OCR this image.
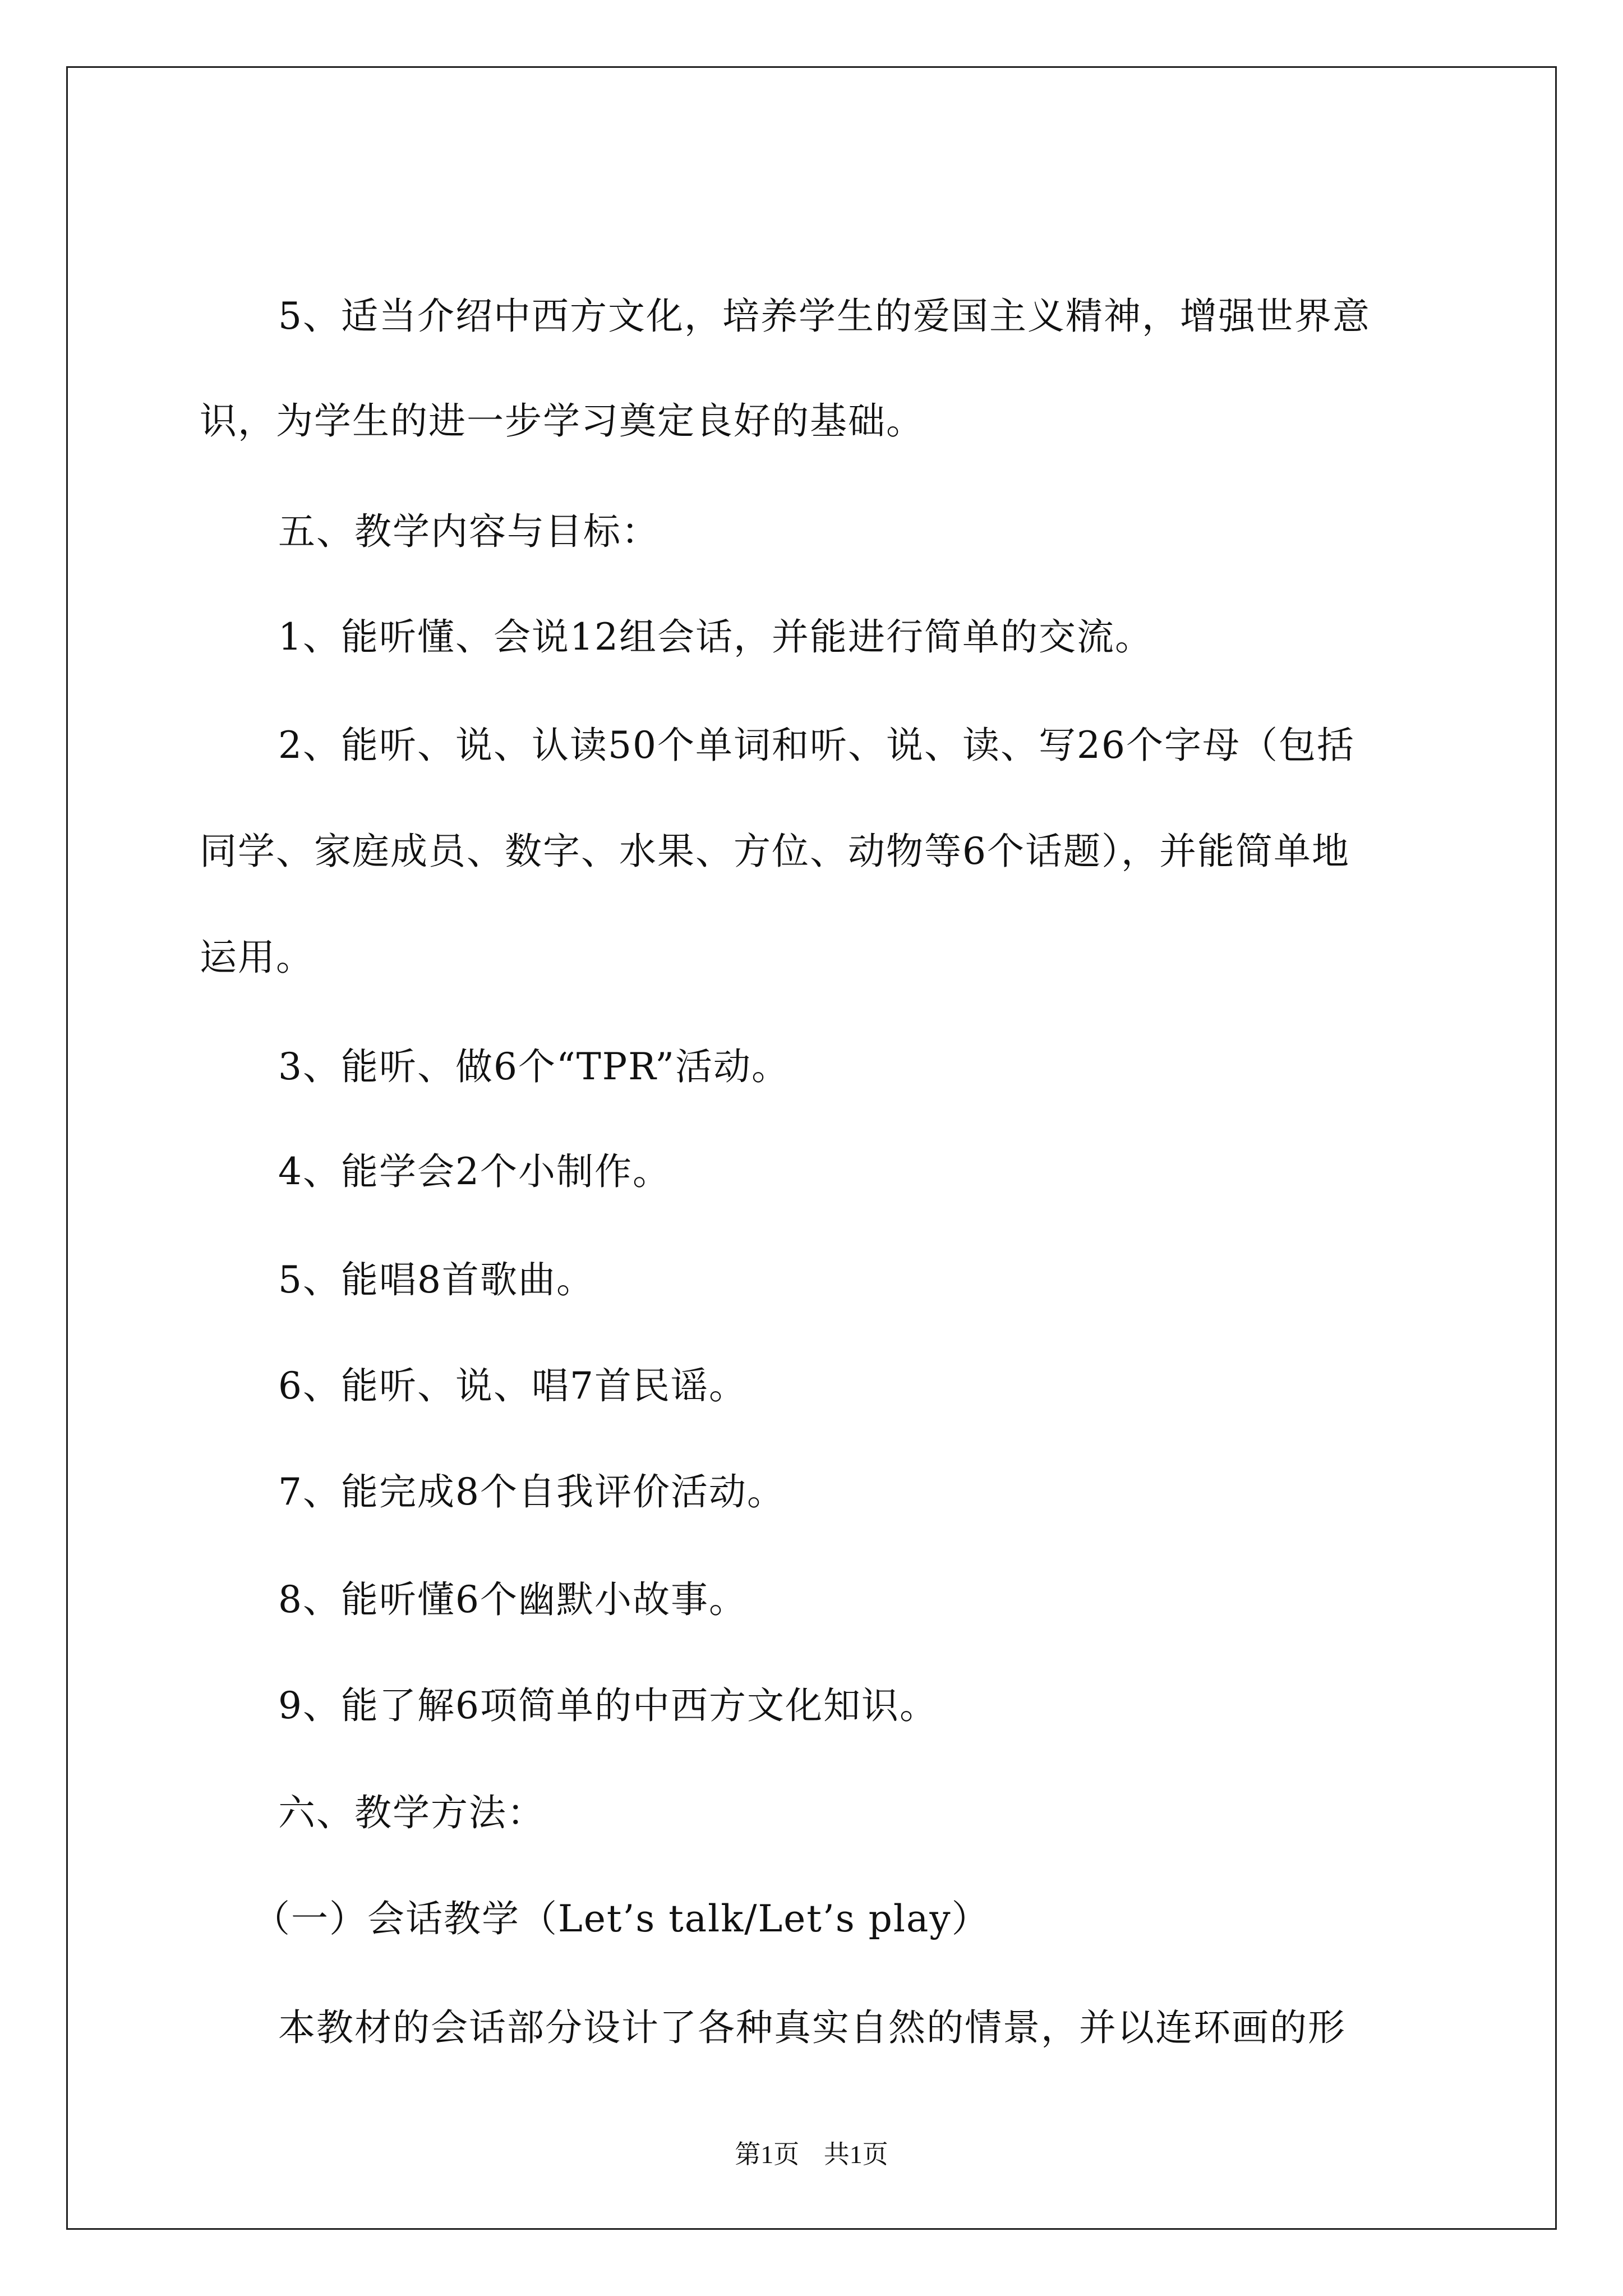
5、适当介绍中西方文化，培养学生的爱国主义精神，增强世界意
识，为学生的进一步学习奠定良好的基础。
五、教学内容与目标：
1、能听懂、会说12组会话，并能进行简单的交流。
2、能听、说、认读50个单词和听、说、读、写26个字母（包括
同学、家庭成员、数字、水果、方位、动物等6个话题），并能简单地
运用。
3、能听、做6个“TPR”活动。
4、能学会2个小制作。
5、能唱8首歌曲。
6、能听、说、唱7首民谣。
7、能完成8个自我评价活动。
8、能听懂6个幽默小故事。
9、能了解6项简单的中西方文化知识。
六、教学方法：
（一）会话教学（Let’s talk/Let’s play）
本教材的会话部分设计了各种真实自然的情景，并以连环画的形
第1页 共1页
